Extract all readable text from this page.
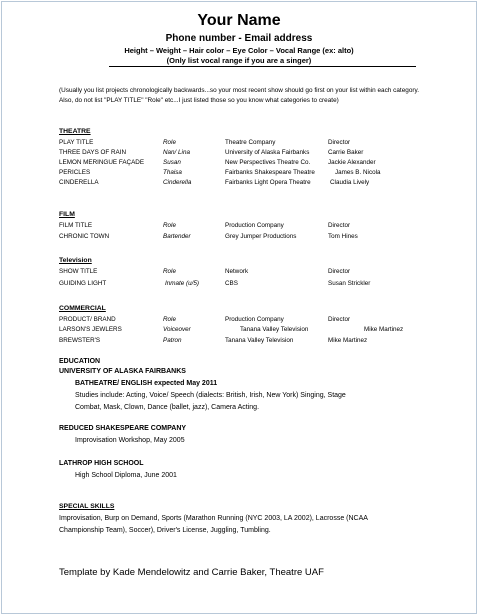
Your Name
Phone number - Email address
Height – Weight – Hair color – Eye Color – Vocal Range (ex: alto)
(Only list vocal range if you are a singer)
(Usually you list projects chronologically backwards...so your most recent show should go first on your list within each category. Also, do not list "PLAY TITLE" "Role" etc...I just listed those so you know what categories to create)
THEATRE
PLAY TITLE	Role	Theatre Company	Director
THREE DAYS OF RAIN	Nan/ Lina	University of Alaska Fairbanks	Carrie Baker
LEMON MERINGUE FAÇADE	Susan	New Perspectives Theatre Co.	Jackie Alexander
PERICLES	Thaisa	Fairbanks Shakespeare Theatre	James B. Nicola
CINDERELLA	Cinderella	Fairbanks Light Opera Theatre	Claudia Lively
FILM
FILM TITLE	Role	Production Company	Director
CHRONIC TOWN	Bartender	Grey Jumper Productions	Tom Hines
Television
SHOW TITLE	Role	Network	Director
GUIDING LIGHT	Inmate (u/5)	CBS	Susan Strickler
COMMERCIAL
PRODUCT/ BRAND	Role	Production Company	Director
LARSON'S JEWLERS	Voiceover	Tanana Valley Television	Mike Martinez
BREWSTER'S	Patron	Tanana Valley Television	Mike Martinez
EDUCATION
UNIVERSITY OF ALASKA FAIRBANKS
BATHEATRE/ ENGLISH expected May 2011
Studies include: Acting, Voice/ Speech (dialects: British, Irish, New York) Singing, Stage
Combat, Mask, Clown, Dance (ballet, jazz), Camera Acting.
REDUCED SHAKESPEARE COMPANY
Improvisation Workshop, May 2005
LATHROP HIGH SCHOOL
High School Diploma, June 2001
SPECIAL SKILLS
Improvisation, Burp on Demand, Sports (Marathon Running (NYC 2003, LA 2002), Lacrosse (NCAA
Championship Team), Soccer), Driver's License, Juggling, Tumbling.
Template by Kade Mendelowitz and Carrie Baker, Theatre UAF
